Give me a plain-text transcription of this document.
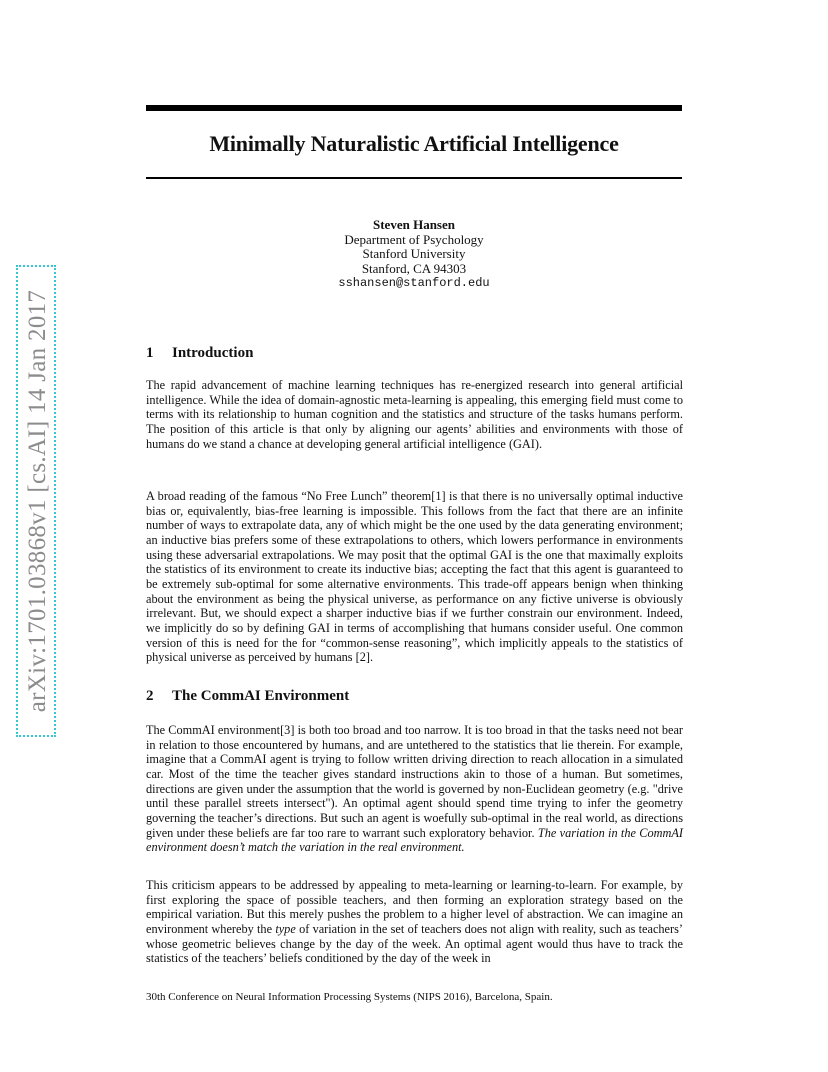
arXiv:1701.03868v1 [cs.AI] 14 Jan 2017
Minimally Naturalistic Artificial Intelligence
Steven Hansen
Department of Psychology
Stanford University
Stanford, CA 94303
sshansen@stanford.edu
1 Introduction

The rapid advancement of machine learning techniques has re-energized research into general artificial intelligence. While the idea of domain-agnostic meta-learning is appealing, this emerging field must come to terms with its relationship to human cognition and the statistics and structure of the tasks humans perform. The position of this article is that only by aligning our agents’ abilities and environments with those of humans do we stand a chance at developing general artificial intelligence (GAI).

A broad reading of the famous “No Free Lunch” theorem[1] is that there is no universally optimal inductive bias or, equivalently, bias-free learning is impossible. This follows from the fact that there are an infinite number of ways to extrapolate data, any of which might be the one used by the data generating environment; an inductive bias prefers some of these extrapolations to others, which lowers performance in environments using these adversarial extrapolations. We may posit that the optimal GAI is the one that maximally exploits the statistics of its environment to create its inductive bias; accepting the fact that this agent is guaranteed to be extremely sub-optimal for some alternative environments. This trade-off appears benign when thinking about the environment as being the physical universe, as performance on any fictive universe is obviously irrelevant. But, we should expect a sharper inductive bias if we further constrain our environment. Indeed, we implicitly do so by defining GAI in terms of accomplishing that humans consider useful. One common version of this is need for the for “common-sense reasoning”, which implicitly appeals to the statistics of physical universe as perceived by humans [2].

2 The CommAI Environment

The CommAI environment[3] is both too broad and too narrow. It is too broad in that the tasks need not bear in relation to those encountered by humans, and are untethered to the statistics that lie therein. For example, imagine that a CommAI agent is trying to follow written driving direction to reach allocation in a simulated car. Most of the time the teacher gives standard instructions akin to those of a human. But sometimes, directions are given under the assumption that the world is governed by non-Euclidean geometry (e.g. "drive until these parallel streets intersect"). An optimal agent should spend time trying to infer the geometry governing the teacher’s directions. But such an agent is woefully sub-optimal in the real world, as directions given under these beliefs are far too rare to warrant such exploratory behavior. The variation in the CommAI environment doesn’t match the variation in the real environment.

This criticism appears to be addressed by appealing to meta-learning or learning-to-learn. For example, by first exploring the space of possible teachers, and then forming an exploration strategy based on the empirical variation. But this merely pushes the problem to a higher level of abstraction. We can imagine an environment whereby the type of variation in the set of teachers does not align with reality, such as teachers’ whose geometric believes change by the day of the week. An optimal agent would thus have to track the statistics of the teachers’ beliefs conditioned by the day of the week in

30th Conference on Neural Information Processing Systems (NIPS 2016), Barcelona, Spain.
